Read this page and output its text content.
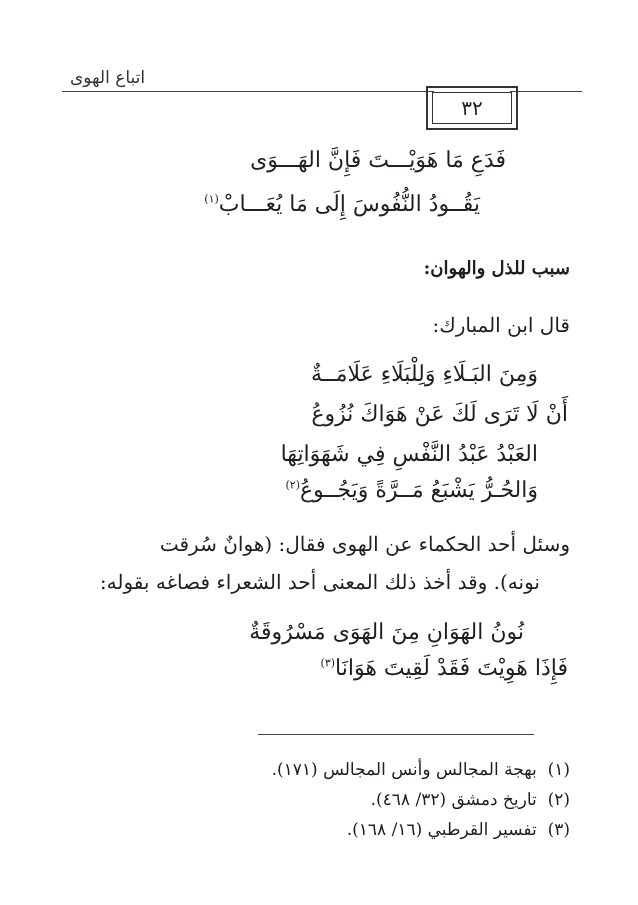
اتباع الهوى
٣٢
فَدَعِ مَا هَوَيْـــتَ فَإِنَّ الهَـــوَى
يَقُــودُ النُّفُوسَ إِلَى مَا يُعَـــابْ$^{(١)}$
سبب للذل والهوان:
قال ابن المبارك:
وَمِنَ البَـلَاءِ وَلِلْبَلَاءِ عَلَامَــةٌ
أَنْ لَا تَرَى لَكَ عَنْ هَوَاكَ نُزُوعُ
العَبْدُ عَبْدُ النَّفْسِ فِي شَهَوَاتِهَا
وَالحُـرُّ يَشْبَعُ مَــرَّةً وَيَجُــوعُ$^{(٢)}$
وسئل أحد الحكماء عن الهوى فقال: (هوانٌ سُرقت
نونه). وقد أخذ ذلك المعنى أحد الشعراء فصاغه بقوله:
نُونُ الهَوَانِ مِنَ الهَوَى مَسْرُوقَةٌ
فَإِذَا هَوِيْتَ فَقَدْ لَقِيتَ هَوَانَا$^{(٣)}$
(١)  بهجة المجالس وأنس المجالس (١٧١).
(٢)  تاريخ دمشق (٣٢/ ٤٦٨).
(٣)  تفسير القرطبي (١٦/ ١٦٨).
